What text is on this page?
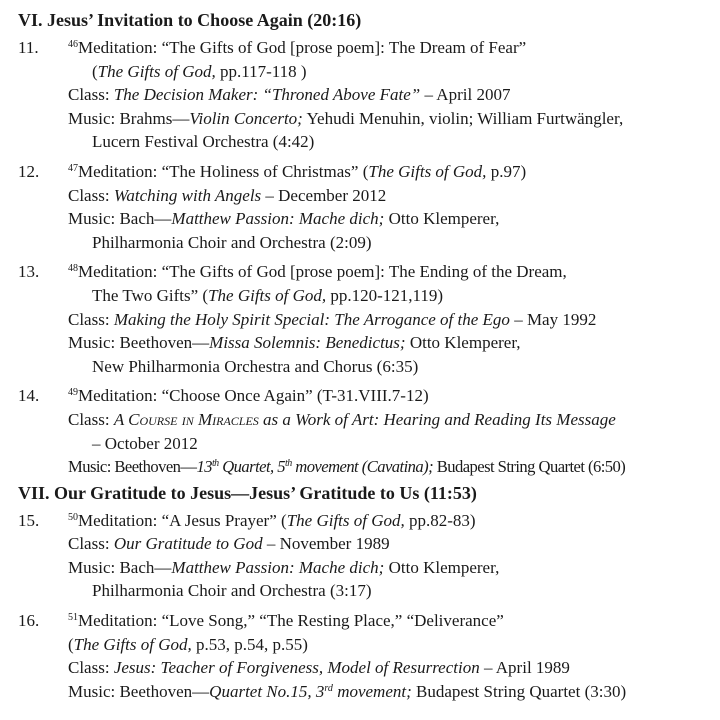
VI. Jesus’ Invitation to Choose Again (20:16)
11.	$^{46}$Meditation: “The Gifts of God [prose poem]: The Dream of Fear”
(The Gifts of God, pp.117-118 )
Class: The Decision Maker: “Throned Above Fate” – April 2007
Music: Brahms—Violin Concerto; Yehudi Menuhin, violin; William Furtwängler,
Lucern Festival Orchestra (4:42)
12.	$^{47}$Meditation: “The Holiness of Christmas” (The Gifts of God, p.97)
Class: Watching with Angels – December 2012
Music: Bach—Matthew Passion: Mache dich; Otto Klemperer,
Philharmonia Choir and Orchestra (2:09)
13.	$^{48}$Meditation: “The Gifts of God [prose poem]: The Ending of the Dream,
The Two Gifts” (The Gifts of God, pp.120-121,119)
Class: Making the Holy Spirit Special: The Arrogance of the Ego – May 1992
Music: Beethoven—Missa Solemnis: Benedictus; Otto Klemperer,
New Philharmonia Orchestra and Chorus (6:35)
14.	$^{49}$Meditation: “Choose Once Again” (T-31.VIII.7-12)
Class: A Course in Miracles as a Work of Art: Hearing and Reading Its Message
– October 2012
Music: Beethoven—13th Quartet, 5th movement (Cavatina); Budapest String Quartet (6:50)
VII. Our Gratitude to Jesus—Jesus’ Gratitude to Us (11:53)
15.	$^{50}$Meditation: “A Jesus Prayer” (The Gifts of God, pp.82-83)
Class: Our Gratitude to God – November 1989
Music: Bach—Matthew Passion: Mache dich; Otto Klemperer,
Philharmonia Choir and Orchestra (3:17)
16.	$^{51}$Meditation: “Love Song,” “The Resting Place,” “Deliverance”
(The Gifts of God, p.53, p.54, p.55)
Class: Jesus: Teacher of Forgiveness, Model of Resurrection – April 1989
Music: Beethoven—Quartet No.15, 3rd movement; Budapest String Quartet (3:30)
